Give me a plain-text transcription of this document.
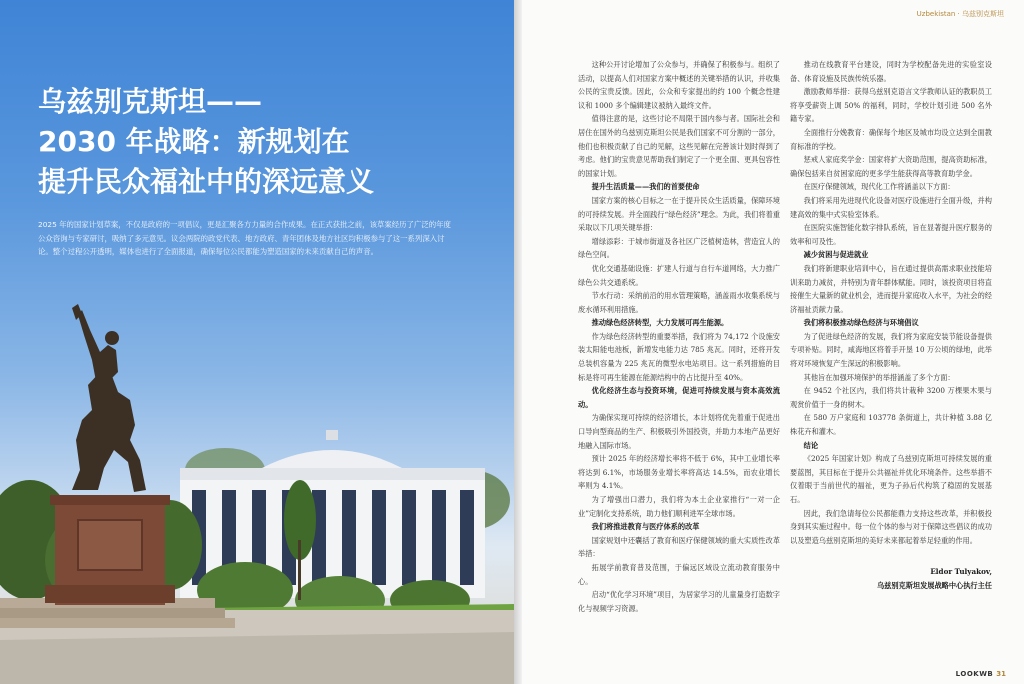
乌兹别克斯坦——
2030 年战略：新规划在
提升民众福祉中的深远意义

2025 年的国家计划草案，不仅是政府的一项倡议，更是汇聚各方力量的合作成果。在正式获批之前，该草案经历了广泛的年度公众咨询与专家研讨，吸纳了多元意见。议会两院的政党代表、地方政府、青年团体及地方社区均积极参与了这一系列深入讨论。整个过程公开透明，媒体也进行了全面报道，确保每位公民都能为塑造国家的未来贡献自己的声音。

Uzbekistan · 乌兹别克斯坦

这种公开讨论增加了公众参与，并确保了积极参与。组织了活动，以提高人们对国家方案中概述的关键举措的认识，并收集公民的宝贵反馈。因此，公众和专家提出的约 100 个概念性建议和 1000 多个编辑建议被纳入最终文件。

值得注意的是，这些讨论不局限于国内参与者。国际社会和居住在国外的乌兹别克斯坦公民是我们国家不可分割的一部分，他们也积极贡献了自己的见解，这些见解在完善该计划时得到了考虑。他们的宝贵意见帮助我们制定了一个更全面、更具包容性的国家计划。

提升生活质量——我们的首要使命

国家方案的核心目标之一在于提升民众生活质量，保障环境的可持续发展。并全面践行“绿色经济”理念。为此，我们将着重采取以下几项关键举措：

增绿添彩：于城市街道及各社区广泛植树造林，营造宜人的绿色空间。

优化交通基础设施：扩建人行道与自行车道网络，大力推广绿色公共交通系统。

节水行动：采纳前沿的用水管理策略，涵盖雨水收集系统与废水循环利用措施。

推动绿色经济转型，大力发展可再生能源。

作为绿色经济转型的重要举措，我们将为 74,172 个设施安装太阳能电池板，新增发电能力达 785 兆瓦。同时，还将开发总装机容量为 225 兆瓦的微型水电站项目。这一系列措施的目标是将可再生能源在能源结构中的占比提升至 40%。

优化经济生态与投资环境，促进可持续发展与资本高效流动。

为确保实现可持续的经济增长，本计划将优先着重于促进出口导向型商品的生产、积极吸引外国投资，并助力本地产品更好地融入国际市场。

预计 2025 年的经济增长率将不低于 6%，其中工业增长率将达到 6.1%，市场服务业增长率将高达 14.5%，而农业增长率则为 4.1%。

为了增强出口潜力，我们将为本土企业家推行“一对一企业”定制化支持系统，助力他们顺利进军全球市场。

我们将推进教育与医疗体系的改革

国家规划中还囊括了教育和医疗保健领域的重大实质性改革举措：

拓展学前教育普及范围，于偏远区域设立流动教育服务中心。

启动“优化学习环境”项目，为居家学习的儿童量身打造数字化与视频学习资源。

推动在线教育平台建设，同时为学校配备先进的实验室设备、体育设施及民族传统乐器。

激励教师举措：获得乌兹别克语言文学教师认证的教职员工将享受薪资上调 50% 的福利，同时，学校计划引进 500 名外籍专家。

全面推行分娩教育：确保每个地区及城市均设立达到全面教育标准的学校。

惩戒人家庭奖学金：国家将扩大资助范围，提高资助标准，确保包括来自贫困家庭的更多学生能获得高等教育助学金。

在医疗保健领域，现代化工作将涵盖以下方面：

我们将采用先进现代化设备对医疗设施进行全面升级，并构建高效的集中式实验室体系。

在医院实施智能化数字排队系统，旨在显著提升医疗服务的效率和可及性。

减少贫困与促进就业

我们将新建职业培训中心，旨在通过提供高需求职业技能培训来助力减贫，并特别为青年群体赋能。同时，该投资项目将直接催生大量新的就业机会，进而提升家庭收入水平，为社会的经济福祉贡献力量。

我们将积极推动绿色经济与环境倡议

为了促进绿色经济的发展，我们将为家庭安装节能设备提供专项补贴。同时，咸海地区将着手开垦 10 万公顷的绿地，此举将对环境恢复产生深远的积极影响。

其他旨在加强环境保护的举措涵盖了多个方面：

在 9452 个社区内，我们将共计栽种 3200 万棵果木果与观赏价值于一身的树木。

在 580 万户家庭和 103778 条街道上，共计种植 3.88 亿株花卉和灌木。

结论

《2025 年国家计划》构成了乌兹别克斯坦可持续发展的重要蓝图，其目标在于提升公共福祉并优化环境条件。这些举措不仅着眼于当前世代的福祉，更为子孙后代构筑了稳固的发展基石。

因此，我们急请每位公民都能鼎力支持这些改革，并积极投身到其实施过程中。每一位个体的参与对于保障这些倡议的成功以及塑造乌兹别克斯坦的美好未来都起着举足轻重的作用。

Eldor Tulyakov,

乌兹别克斯坦发展战略中心执行主任

LOOKWB 31
